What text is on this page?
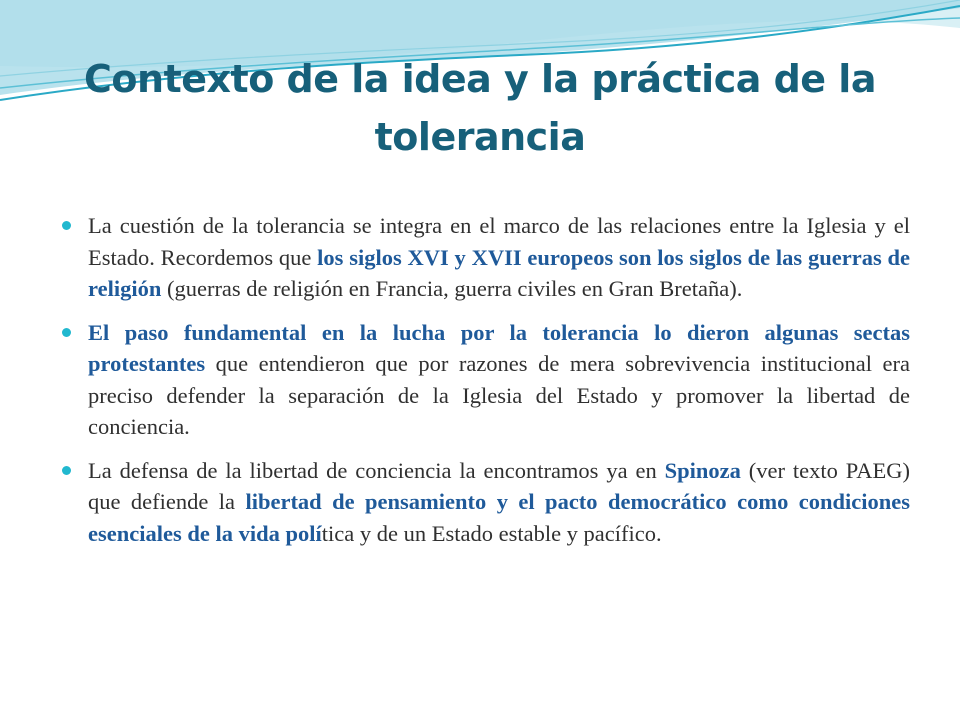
Contexto de la idea y la práctica de la tolerancia
La cuestión de la tolerancia se integra en el marco de las relaciones entre la Iglesia y el Estado. Recordemos que los siglos XVI y XVII europeos son los siglos de las guerras de religión (guerras de religión en Francia, guerra civiles en Gran Bretaña).
El paso fundamental en la lucha por la tolerancia lo dieron algunas sectas protestantes que entendieron que por razones de mera sobrevivencia institucional era preciso defender la separación de la Iglesia del Estado y promover la libertad de conciencia.
La defensa de la libertad de conciencia la encontramos ya en Spinoza (ver texto PAEG) que defiende la libertad de pensamiento y el pacto democrático como condiciones esenciales de la vida política y de un Estado estable y pacífico.
